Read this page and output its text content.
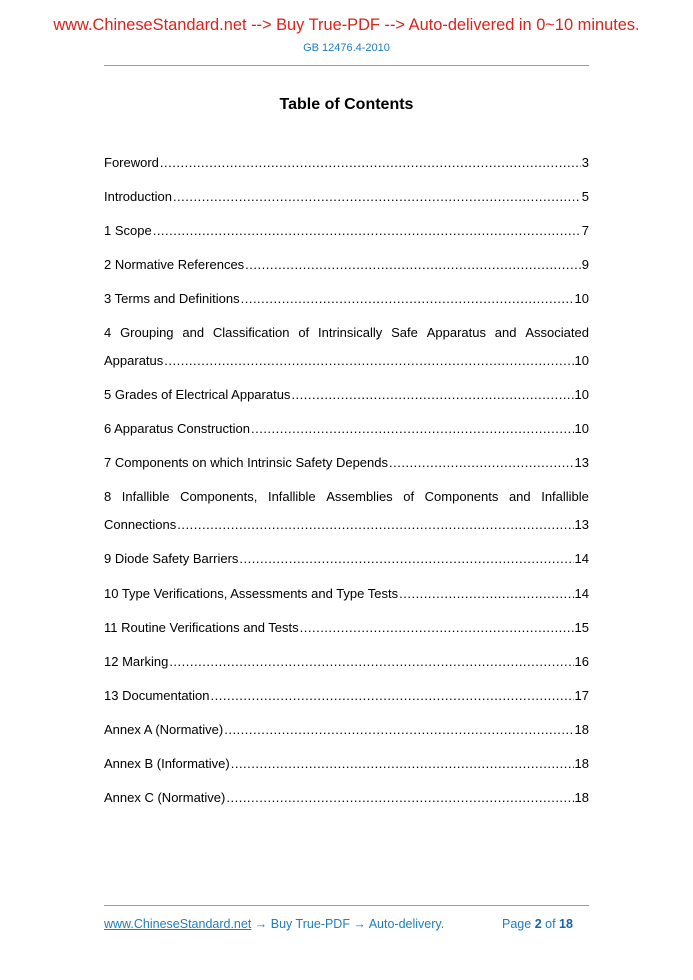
www.ChineseStandard.net --> Buy True-PDF --> Auto-delivered in 0~10 minutes.
GB 12476.4-2010
Table of Contents
Foreword .....	3
Introduction .....	5
1 Scope .....	7
2 Normative References .....	9
3 Terms and Definitions .....	10
4 Grouping and Classification of Intrinsically Safe Apparatus and Associated
Apparatus .....	10
5 Grades of Electrical Apparatus .....	10
6 Apparatus Construction .....	10
7 Components on which Intrinsic Safety Depends .....	13
8 Infallible Components, Infallible Assemblies of Components and Infallible
Connections .....	13
9 Diode Safety Barriers .....	14
10 Type Verifications, Assessments and Type Tests .....	14
11 Routine Verifications and Tests .....	15
12 Marking .....	16
13 Documentation .....	17
Annex A (Normative) .....	18
Annex B (Informative) .....	18
Annex C (Normative) .....	18
www.ChineseStandard.net → Buy True-PDF → Auto-delivery.	Page 2 of 18
